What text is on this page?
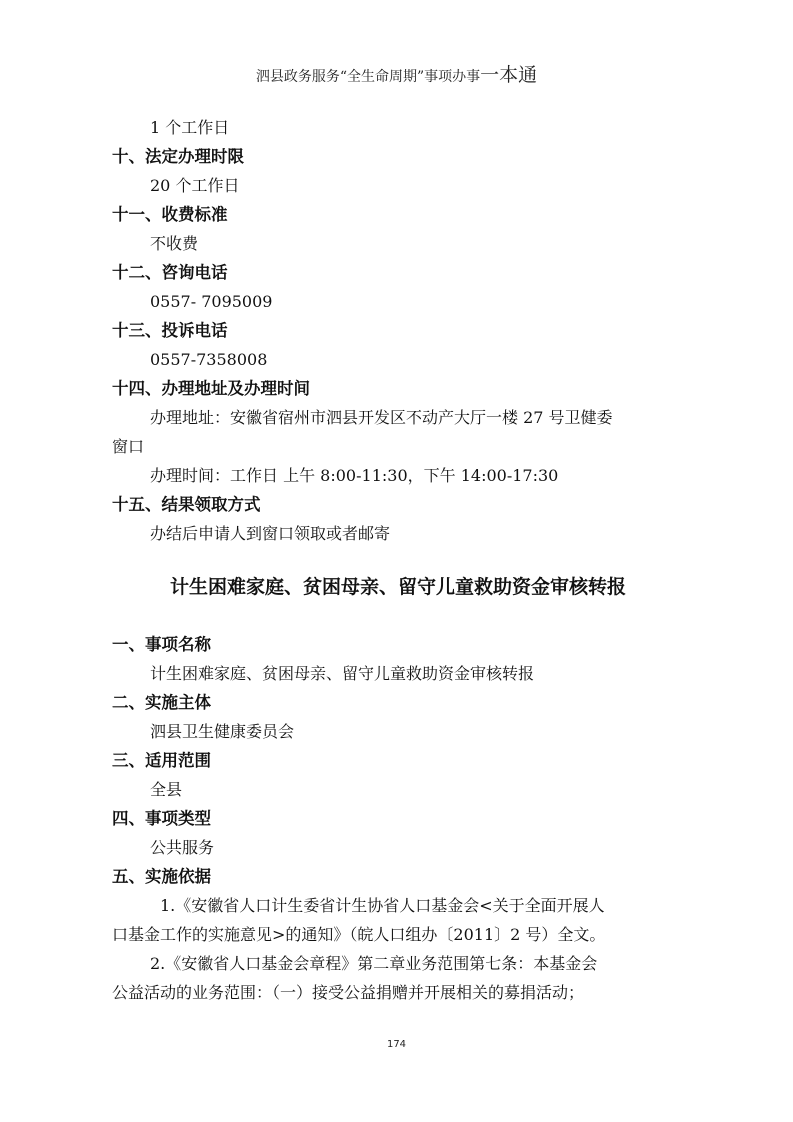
泗县政务服务“全生命周期”事项办事一本通
1 个工作日
十、法定办理时限
20 个工作日
十一、收费标准
不收费
十二、咨询电话
0557- 7095009
十三、投诉电话
0557-7358008
十四、办理地址及办理时间
办理地址：安徽省宿州市泗县开发区不动产大厅一楼 27 号卫健委
窗口
办理时间：工作日 上午 8:00-11:30，下午 14:00-17:30
十五、结果领取方式
办结后申请人到窗口领取或者邮寄
计生困难家庭、贫困母亲、留守儿童救助资金审核转报
一、事项名称
计生困难家庭、贫困母亲、留守儿童救助资金审核转报
二、实施主体
泗县卫生健康委员会
三、适用范围
全县
四、事项类型
公共服务
五、实施依据
1.《安徽省人口计生委省计生协省人口基金会<关于全面开展人
口基金工作的实施意见>的通知》（皖人口组办〔2011〕2 号）全文。
2.《安徽省人口基金会章程》第二章业务范围第七条：本基金会
公益活动的业务范围：（一）接受公益捐赠并开展相关的募捐活动；
174
